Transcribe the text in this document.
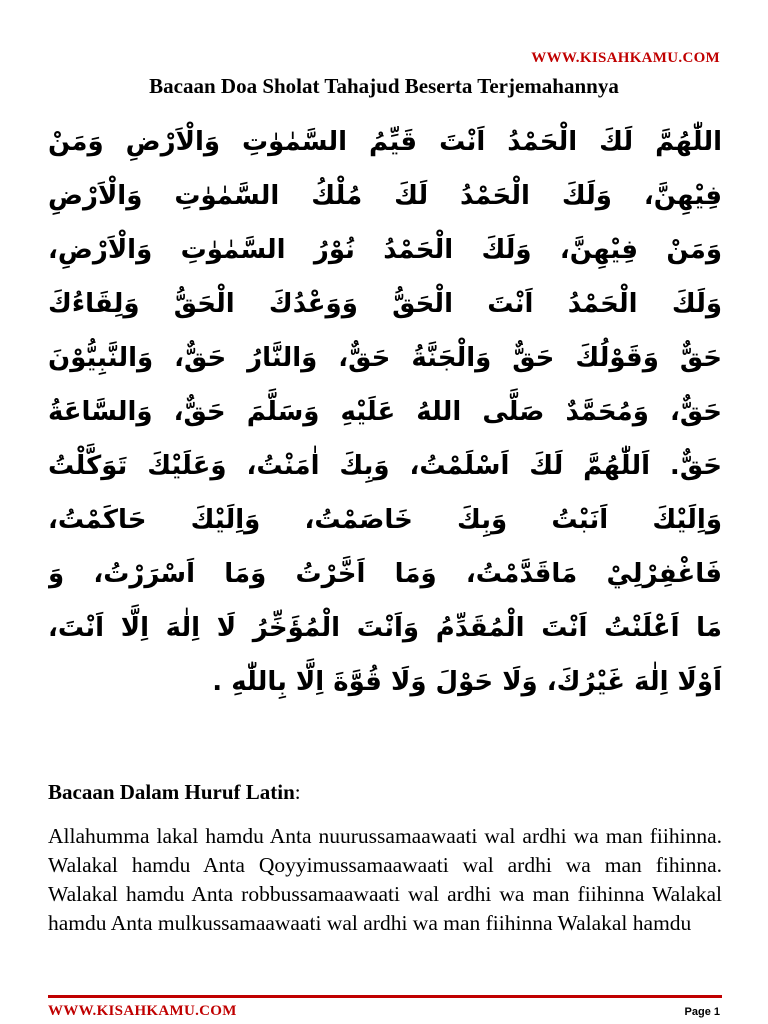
WWW.KISAHKAMU.COM
Bacaan Doa Sholat Tahajud Beserta Terjemahannya
اللّٰهُمَّ لَكَ الْحَمْدُ اَنْتَ قَيِّمُ السَّمٰوٰتِ وَالْاَرْضِ وَمَنْ
فِيْهِنَّ، وَلَكَ الْحَمْدُ لَكَ مُلْكُ السَّمٰوٰتِ وَالْاَرْضِ
وَمَنْ فِيْهِنَّ، وَلَكَ الْحَمْدُ نُوْرُ السَّمٰوٰتِ وَالْاَرْضِ،
وَلَكَ الْحَمْدُ اَنْتَ الْحَقُّ وَوَعْدُكَ الْحَقُّ وَلِقَاءُكَ
حَقٌّ وَقَوْلُكَ حَقٌّ وَالْجَنَّةُ حَقٌّ، وَالنَّارُ حَقٌّ، وَالنَّبِيُّوْنَ
حَقٌّ، وَمُحَمَّدٌ صَلَّى اللهُ عَلَيْهِ وَسَلَّمَ حَقٌّ، وَالسَّاعَةُ
حَقٌّ. اَللّٰهُمَّ لَكَ اَسْلَمْتُ، وَبِكَ اٰمَنْتُ، وَعَلَيْكَ تَوَكَّلْتُ
وَاِلَيْكَ اَنَبْتُ وَبِكَ خَاصَمْتُ، وَاِلَيْكَ حَاكَمْتُ،
فَاغْفِرْلِيْ مَاقَدَّمْتُ، وَمَا اَخَّرْتُ وَمَا اَسْرَرْتُ، وَ
مَا اَعْلَنْتُ اَنْتَ الْمُقَدِّمُ وَاَنْتَ الْمُؤَخِّرُ لَا اِلٰهَ اِلَّا اَنْتَ،
اَوْلَا اِلٰهَ غَيْرُكَ، وَلَا حَوْلَ وَلَا قُوَّةَ اِلَّا بِاللّٰهِ .
Bacaan Dalam Huruf Latin:
Allahumma lakal hamdu Anta nuurussamaawaati wal ardhi wa man fiihinna. Walakal hamdu Anta Qoyyimussamaawaati wal ardhi wa man fihinna. Walakal hamdu Anta robbussamaawaati wal ardhi wa man fiihinna Walakal hamdu Anta mulkussamaawaati wal ardhi wa man fiihinna Walakal hamdu
WWW.KISAHKAMU.COM	Page 1
